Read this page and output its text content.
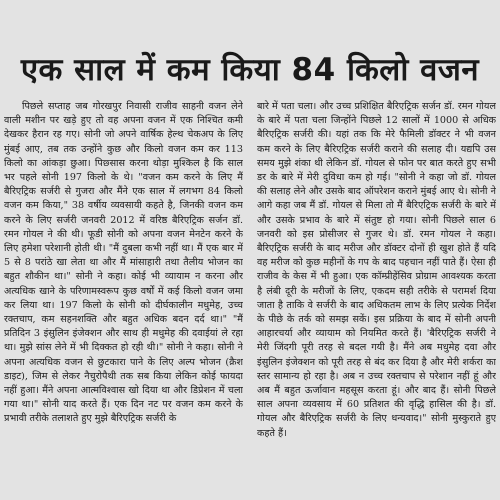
एक साल में कम किया 84 किलो वजन

पिछले सप्ताह जब गोरखपुर निवासी राजीव साहनी वजन लेने वाली मशीन पर खड़े हुए तो वह अपना वजन में एक निश्चित कमी देखकर हैरान रह गए। सोनी जो अपने वार्षिक हेल्थ चेकअप के लिए मुंबई आए, तब तक उन्होंने कुछ और किलो वजन कम कर 113 किलो का आंकड़ा छुआ। पिछ्सास करना थोड़ा मुश्किल है कि साल भर पहले सोनी 197 किलो के थे। "वजन कम करने के लिए मैं बैरिएट्रिक सर्जरी से गुजरा और मैंने एक साल में लगभग 84 किलो वजन कम किया," 38 वर्षीय व्यवसायी कहते है, जिनकी वजन कम करने के लिए सर्जरी जनवरी 2012 में वरिष्ठ बैरिएट्रिक सर्जन डॉ. रमन गोयल ने की थी। फूडी सोनी को अपना वजन मेनटेन करने के लिए हमेशा परेशानी होती थी। "मैं दुबला कभी नहीं था। मैं एक बार में 5 से 8 परांठे खा लेता था और मैं मांसाहारी तथा तैलीय भोजन का बहुत शौकीन था।" सोनी ने कहा। कोई भी व्यायाम न करना और अत्यधिक खाने के परिणामस्वरूप कुछ वर्षों में कई किलो वजन जमा कर लिया था। 197 किलो के सोनी को दीर्घकालीन मधुमेह, उच्च रक्तचाप, कम सहनशक्ति और बहुत अधिक बदन दर्द था।" "मैं प्रतिदिन 3 इंसुलिन इंजेक्शन और साथ ही मधुमेह की दवाईयां ले रहा था। मुझे सांस लेने में भी दिक्कत हो रही थी।" सोनी ने कहा। सोनी ने अपना अत्यधिक वजन से छुटकारा पाने के लिए अल्प भोजन (क्रैश डाइट), जिम से लेकर नैचुरोपैथी तक सब किया लेकिन कोई फायदा नहीं हुआ। मैंने अपना आत्मविश्वास खो दिया था और डिप्रेशन में चला गया था।" सोनी याद करते हैं। एक दिन नट पर वजन कम करने के प्रभावी तरीके तलाशते हुए मुझे बैरिएट्रिक सर्जरी के

बारे में पता चला। और उच्च प्रशिक्षित बैरिएट्रिक सर्जन डॉ. रमन गोयल के बारे में पता चला जिन्होंने पिछले 12 सालों में 1000 से अधिक बैरिएट्रिक सर्जरी की। यहां तक कि मेरे फैमिली डॉक्टर ने भी वजन कम करने के लिए बैरिएट्रिक सर्जरी कराने की सलाह दी। यद्यपि उस समय मुझे शंका थी लेकिन डॉ. गोयल से फोन पर बात करते हुए सभी डर के बारे में मेरी दुविधा कम हो गई। "सोनी ने कहा जो डॉ. गोयल की सलाह लेने और उसके बाद ऑपरेशन कराने मुंबई आए थे। सोनी ने आगे कहा जब मैं डॉ. गोयल से मिला तो मैं बैरिएट्रिक सर्जरी के बारे में और उसके प्रभाव के बारे में संतुष्ट हो गया। सोनी पिछले साल 6 जनवरी को इस प्रोसीजर से गुजर थे। डॉ. रमन गोयल ने कहा। बैरिएट्रिक सर्जरी के बाद मरीज और डॉक्टर दोनों ही खुश होते हैं यदि वह मरीज को कुछ महीनों के गप के बाद पहचान नहीं पाते हैं। ऐसा ही राजीव के केस में भी हुआ। एक कॉम्प्रीहेंसिव प्रोग्राम आवश्यक करता है लंबी दूरी के मरीजों के लिए, एकदम सही तरीके से परामर्श दिया जाता है ताकि वे सर्जरी के बाद अधिकतम लाभ के लिए प्रत्येक निर्देश के पीछे के तर्क को समझ सकें। इस प्रक्रिया के बाद में सोनी अपनी आहारचर्या और व्यायाम को नियमित करते हैं। 'बैरिएट्रिक सर्जरी ने मेरी जिंदगी पूरी तरह से बदल गयी है। मैंने अब मधुमेह दवा और इंसुलिन इंजेक्शन को पूरी तरह से बंद कर दिया है और मेरी शर्करा का स्तर सामान्य हो रहा है। अब न उच्च रक्तचाप से परेशान नहीं हूं और अब मैं बहुत ऊर्जावान महसूस करता हूं। और बाद हैं। सोनी पिछले साल अपना व्यवसाय में 60 प्रतिशत की वृद्धि हासिल की है। डॉ. गोयल और बैरिएट्रिक सर्जरी के लिए धन्यवाद।" सोनी मुस्कुराते हुए कहते हैं।
